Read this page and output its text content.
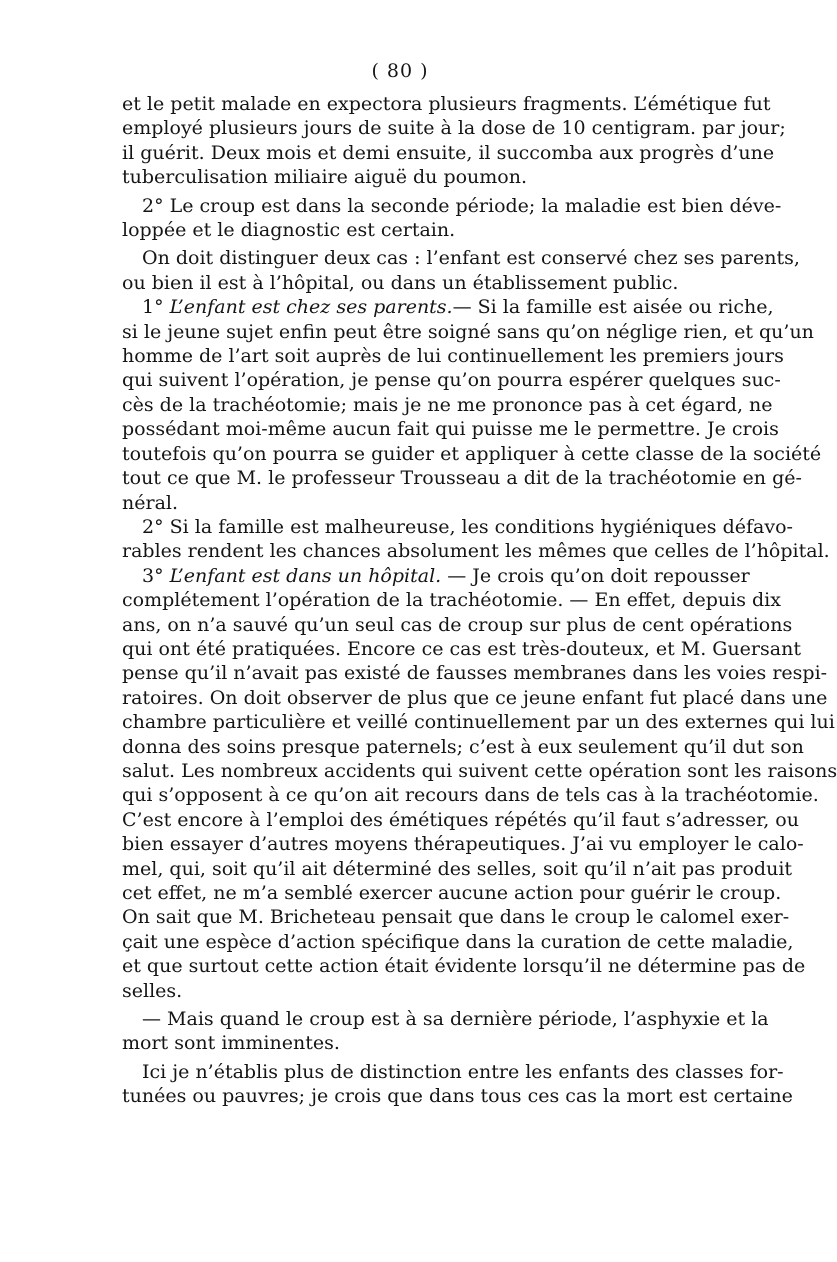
( 80 )
et le petit malade en expectora plusieurs fragments. L’émétique fut
employé plusieurs jours de suite à la dose de 10 centigram. par jour;
il guérit. Deux mois et demi ensuite, il succomba aux progrès d’une
tuberculisation miliaire aiguë du poumon.
2° Le croup est dans la seconde période; la maladie est bien déve-
loppée et le diagnostic est certain.
On doit distinguer deux cas : l’enfant est conservé chez ses parents,
ou bien il est à l’hôpital, ou dans un établissement public.
1° L’enfant est chez ses parents.— Si la famille est aisée ou riche,
si le jeune sujet enfin peut être soigné sans qu’on néglige rien, et qu’un
homme de l’art soit auprès de lui continuellement les premiers jours
qui suivent l’opération, je pense qu’on pourra espérer quelques suc-
cès de la trachéotomie; mais je ne me prononce pas à cet égard, ne
possédant moi-même aucun fait qui puisse me le permettre. Je crois
toutefois qu’on pourra se guider et appliquer à cette classe de la société
tout ce que M. le professeur Trousseau a dit de la trachéotomie en gé-
néral.
2° Si la famille est malheureuse, les conditions hygiéniques défavo-
rables rendent les chances absolument les mêmes que celles de l’hôpital.
3° L’enfant est dans un hôpital. — Je crois qu’on doit repousser
complétement l’opération de la trachéotomie. — En effet, depuis dix
ans, on n’a sauvé qu’un seul cas de croup sur plus de cent opérations
qui ont été pratiquées. Encore ce cas est très-douteux, et M. Guersant
pense qu’il n’avait pas existé de fausses membranes dans les voies respi-
ratoires. On doit observer de plus que ce jeune enfant fut placé dans une
chambre particulière et veillé continuellement par un des externes qui lui
donna des soins presque paternels; c’est à eux seulement qu’il dut son
salut. Les nombreux accidents qui suivent cette opération sont les raisons
qui s’opposent à ce qu’on ait recours dans de tels cas à la trachéotomie.
C’est encore à l’emploi des émétiques répétés qu’il faut s’adresser, ou
bien essayer d’autres moyens thérapeutiques. J’ai vu employer le calo-
mel, qui, soit qu’il ait déterminé des selles, soit qu’il n’ait pas produit
cet effet, ne m’a semblé exercer aucune action pour guérir le croup.
On sait que M. Bricheteau pensait que dans le croup le calomel exer-
çait une espèce d’action spécifique dans la curation de cette maladie,
et que surtout cette action était évidente lorsqu’il ne détermine pas de
selles.
— Mais quand le croup est à sa dernière période, l’asphyxie et la
mort sont imminentes.
Ici je n’établis plus de distinction entre les enfants des classes for-
tunées ou pauvres; je crois que dans tous ces cas la mort est certaine
